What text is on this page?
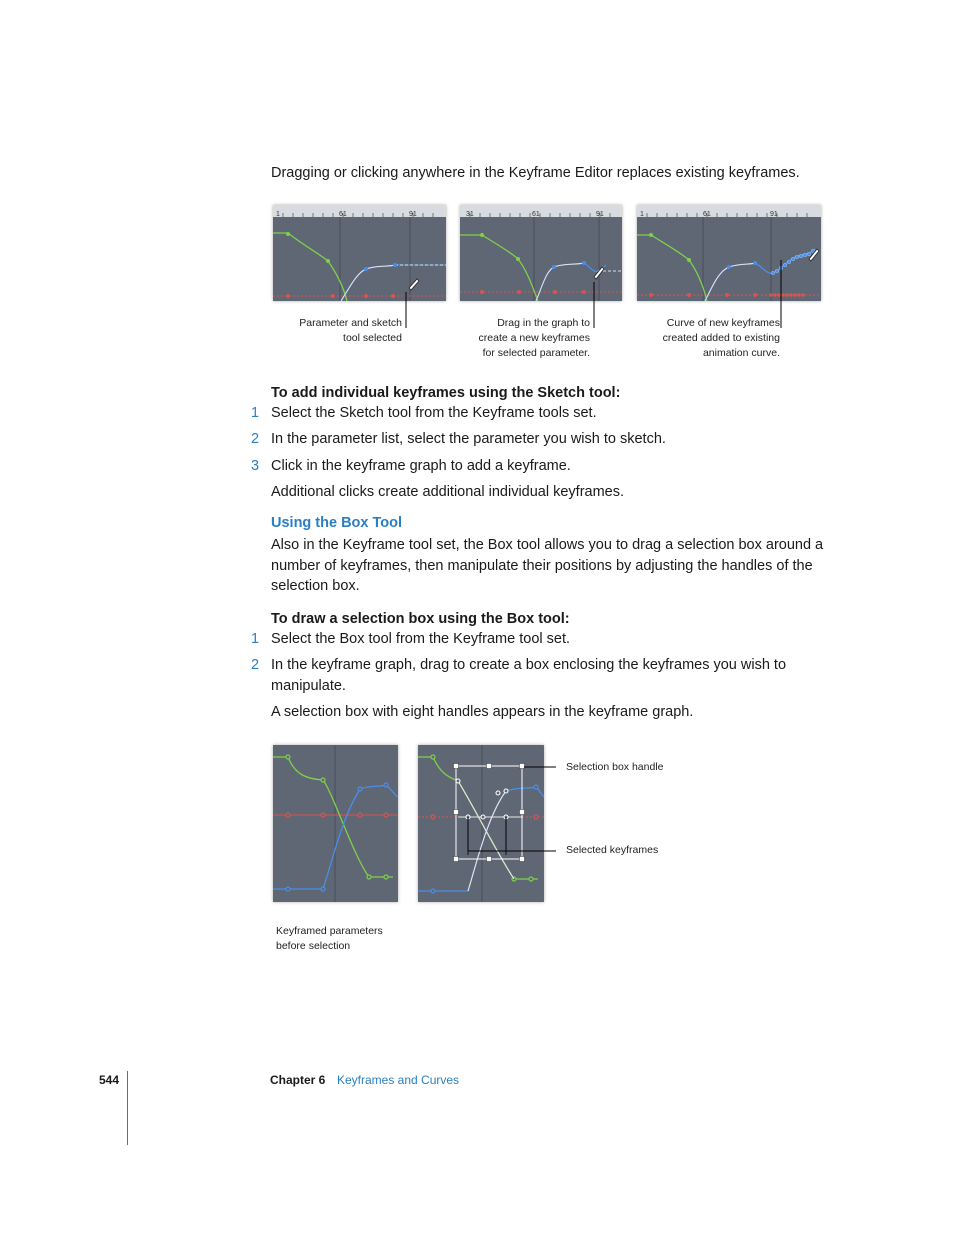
Dragging or clicking anywhere in the Keyframe Editor replaces existing keyframes.
1	61	91	31	61	91	1	61	91
Parameter and sketch
tool selected
Drag in the graph to
create a new keyframes
for selected parameter.
Curve of new keyframes
created added to existing
animation curve.
To add individual keyframes using the Sketch tool:
1 Select the Sketch tool from the Keyframe tools set.
2 In the parameter list, select the parameter you wish to sketch.
3 Click in the keyframe graph to add a keyframe.
Additional clicks create additional individual keyframes.
Using the Box Tool
Also in the Keyframe tool set, the Box tool allows you to drag a selection box around a
number of keyframes, then manipulate their positions by adjusting the handles of the
selection box.
To draw a selection box using the Box tool:
1 Select the Box tool from the Keyframe tool set.
2 In the keyframe graph, drag to create a box enclosing the keyframes you wish to
manipulate.
A selection box with eight handles appears in the keyframe graph.
Selection box handle
Selected keyframes
Keyframed parameters
before selection
544	Chapter 6 Keyframes and Curves
